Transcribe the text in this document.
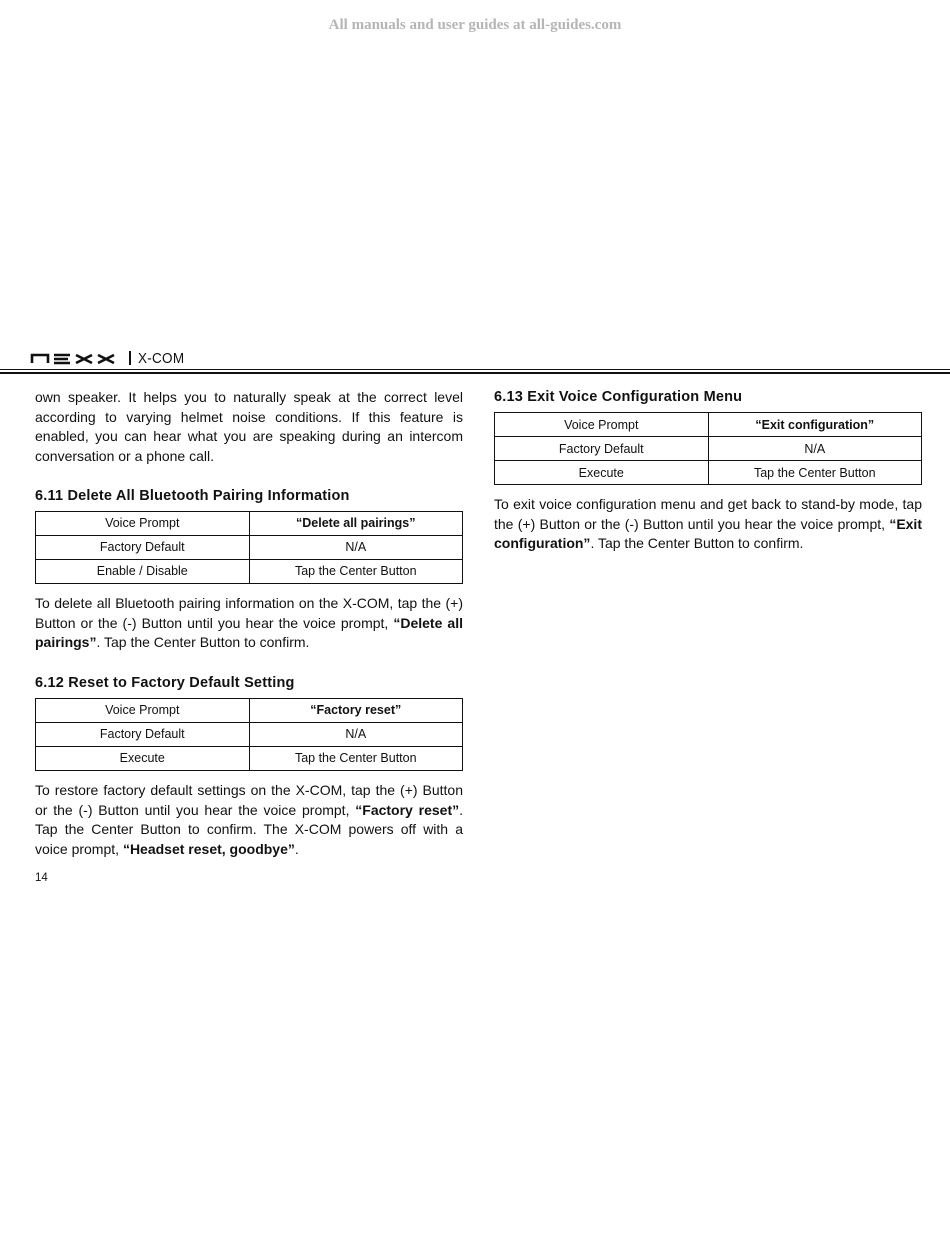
All manuals and user guides at all-guides.com
X-COM

own speaker. It helps you to naturally speak at the correct level according to varying helmet noise conditions. If this feature is enabled, you can hear what you are speaking during an intercom conversation or a phone call.

6.11 Delete All Bluetooth Pairing Information
Voice Prompt	“Delete all pairings”
Factory Default	N/A
Enable / Disable	Tap the Center Button

To delete all Bluetooth pairing information on the X-COM, tap the (+) Button or the (-) Button until you hear the voice prompt, “Delete all pairings”. Tap the Center Button to confirm.

6.12 Reset to Factory Default Setting
Voice Prompt	“Factory reset”
Factory Default	N/A
Execute	Tap the Center Button

To restore factory default settings on the X-COM, tap the (+) Button or the (-) Button until you hear the voice prompt, “Factory reset”. Tap the Center Button to confirm. The X-COM powers off with a voice prompt, “Headset reset, goodbye”.

6.13 Exit Voice Configuration Menu
Voice Prompt	“Exit configuration”
Factory Default	N/A
Execute	Tap the Center Button

To exit voice configuration menu and get back to stand-by mode, tap the (+) Button or the (-) Button until you hear the voice prompt, “Exit configuration”. Tap the Center Button to confirm.

14
